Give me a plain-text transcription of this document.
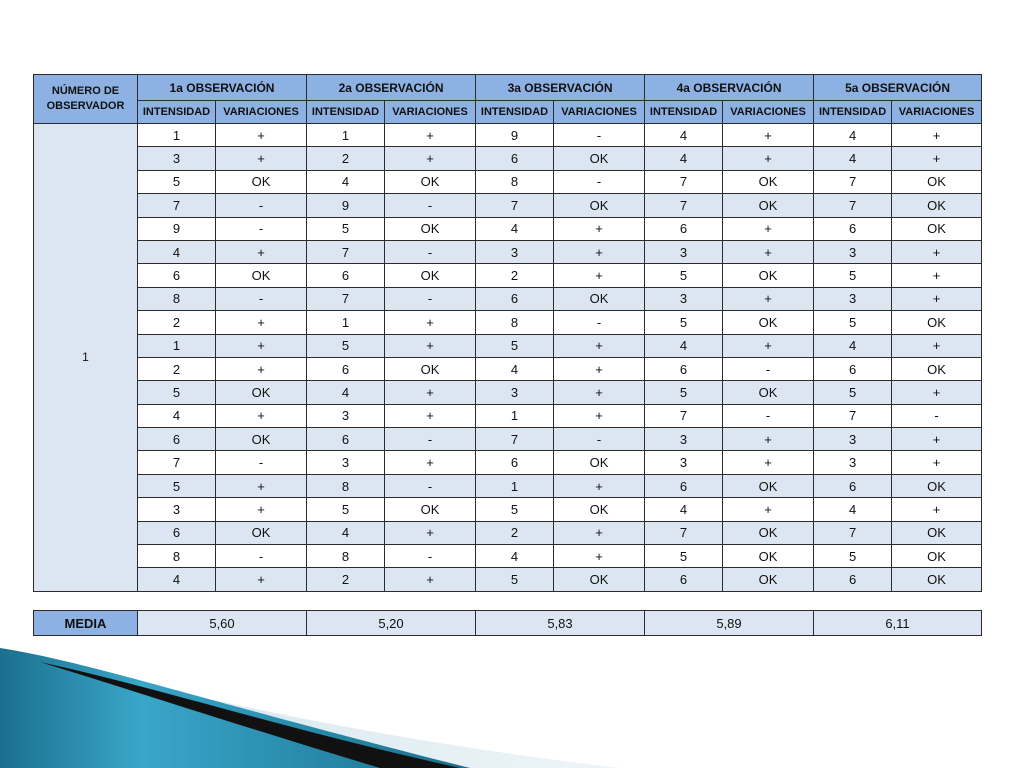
NÚMERO DE OBSERVADOR	1a OBSERVACIÓN		2a OBSERVACIÓN		3a OBSERVACIÓN		4a OBSERVACIÓN		5a OBSERVACIÓN	
	INTENSIDAD	VARIACIONES	INTENSIDAD	VARIACIONES	INTENSIDAD	VARIACIONES	INTENSIDAD	VARIACIONES	INTENSIDAD	VARIACIONES
1	1	+	1	+	9	-	4	+	4	+
	3	+	2	+	6	OK	4	+	4	+
	5	OK	4	OK	8	-	7	OK	7	OK
	7	-	9	-	7	OK	7	OK	7	OK
	9	-	5	OK	4	+	6	+	6	OK
	4	+	7	-	3	+	3	+	3	+
	6	OK	6	OK	2	+	5	OK	5	+
	8	-	7	-	6	OK	3	+	3	+
	2	+	1	+	8	-	5	OK	5	OK
	1	+	5	+	5	+	4	+	4	+
	2	+	6	OK	4	+	6	-	6	OK
	5	OK	4	+	3	+	5	OK	5	+
	4	+	3	+	1	+	7	-	7	-
	6	OK	6	-	7	-	3	+	3	+
	7	-	3	+	6	OK	3	+	3	+
	5	+	8	-	1	+	6	OK	6	OK
	3	+	5	OK	5	OK	4	+	4	+
	6	OK	4	+	2	+	7	OK	7	OK
	8	-	8	-	4	+	5	OK	5	OK
	4	+	2	+	5	OK	6	OK	6	OK
MEDIA	5,60	5,20	5,83	5,89	6,11
